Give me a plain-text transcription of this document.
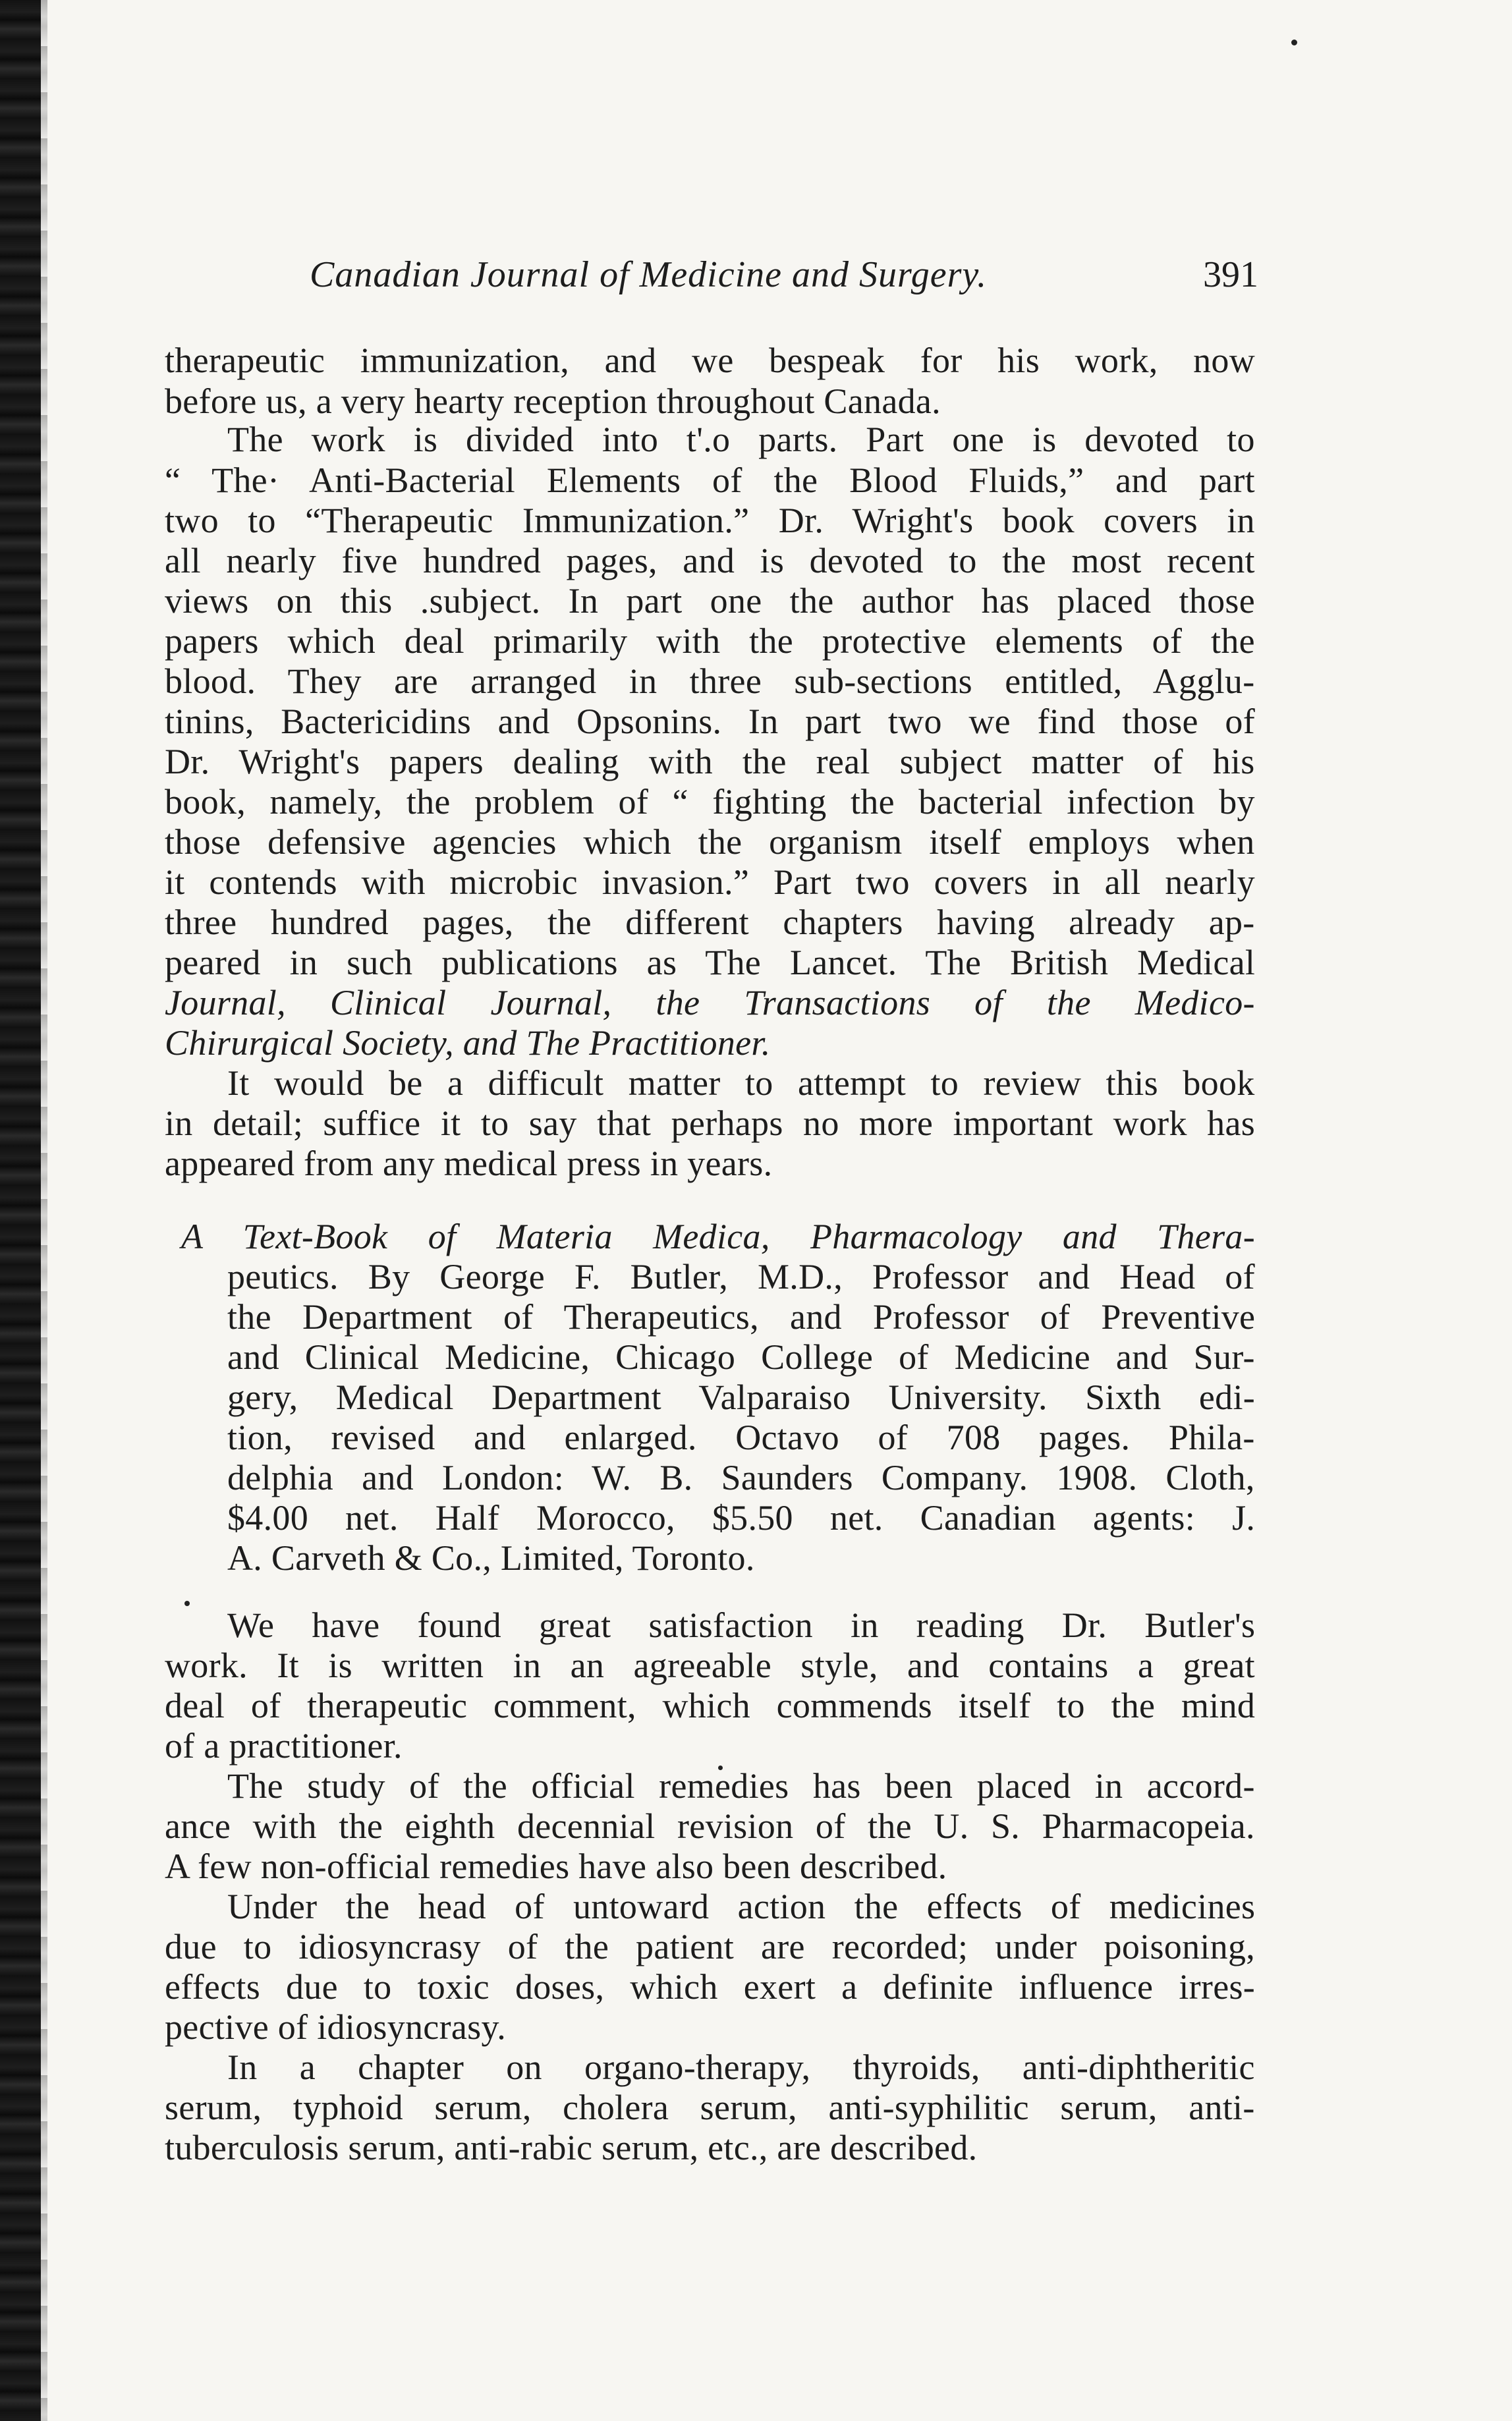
Canadian Journal of Medicine and Surgery.	391
therapeutic immunization, and we bespeak for his work, now
before us, a very hearty reception throughout Canada.
The work is divided into t'.o parts. Part one is devoted to
“ The· Anti-Bacterial Elements of the Blood Fluids,” and part
two to “Therapeutic Immunization.” Dr. Wright's book covers in
all nearly five hundred pages, and is devoted to the most recent
views on this .subject. In part one the author has placed those
papers which deal primarily with the protective elements of the
blood. They are arranged in three sub-sections entitled, Agglu-
tinins, Bactericidins and Opsonins. In part two we find those of
Dr. Wright's papers dealing with the real subject matter of his
book, namely, the problem of “ fighting the bacterial infection by
those defensive agencies which the organism itself employs when
it contends with microbic invasion.” Part two covers in all nearly
three hundred pages, the different chapters having already ap-
peared in such publications as The Lancet. The British Medical
Journal, Clinical Journal, the Transactions of the Medico-
Chirurgical Society, and The Practitioner.
It would be a difficult matter to attempt to review this book
in detail; suffice it to say that perhaps no more important work has
appeared from any medical press in years.
A Text-Book of Materia Medica, Pharmacology and Thera-
peutics. By George F. Butler, M.D., Professor and Head of
the Department of Therapeutics, and Professor of Preventive
and Clinical Medicine, Chicago College of Medicine and Sur-
gery, Medical Department Valparaiso University. Sixth edi-
tion, revised and enlarged. Octavo of 708 pages. Phila-
delphia and London: W. B. Saunders Company. 1908. Cloth,
$4.00 net. Half Morocco, $5.50 net. Canadian agents: J.
A. Carveth & Co., Limited, Toronto.
We have found great satisfaction in reading Dr. Butler's
work. It is written in an agreeable style, and contains a great
deal of therapeutic comment, which commends itself to the mind
of a practitioner.
The study of the official remedies has been placed in accord-
ance with the eighth decennial revision of the U. S. Pharmacopeia.
A few non-official remedies have also been described.
Under the head of untoward action the effects of medicines
due to idiosyncrasy of the patient are recorded; under poisoning,
effects due to toxic doses, which exert a definite influence irres-
pective of idiosyncrasy.
In a chapter on organo-therapy, thyroids, anti-diphtheritic
serum, typhoid serum, cholera serum, anti-syphilitic serum, anti-
tuberculosis serum, anti-rabic serum, etc., are described.
